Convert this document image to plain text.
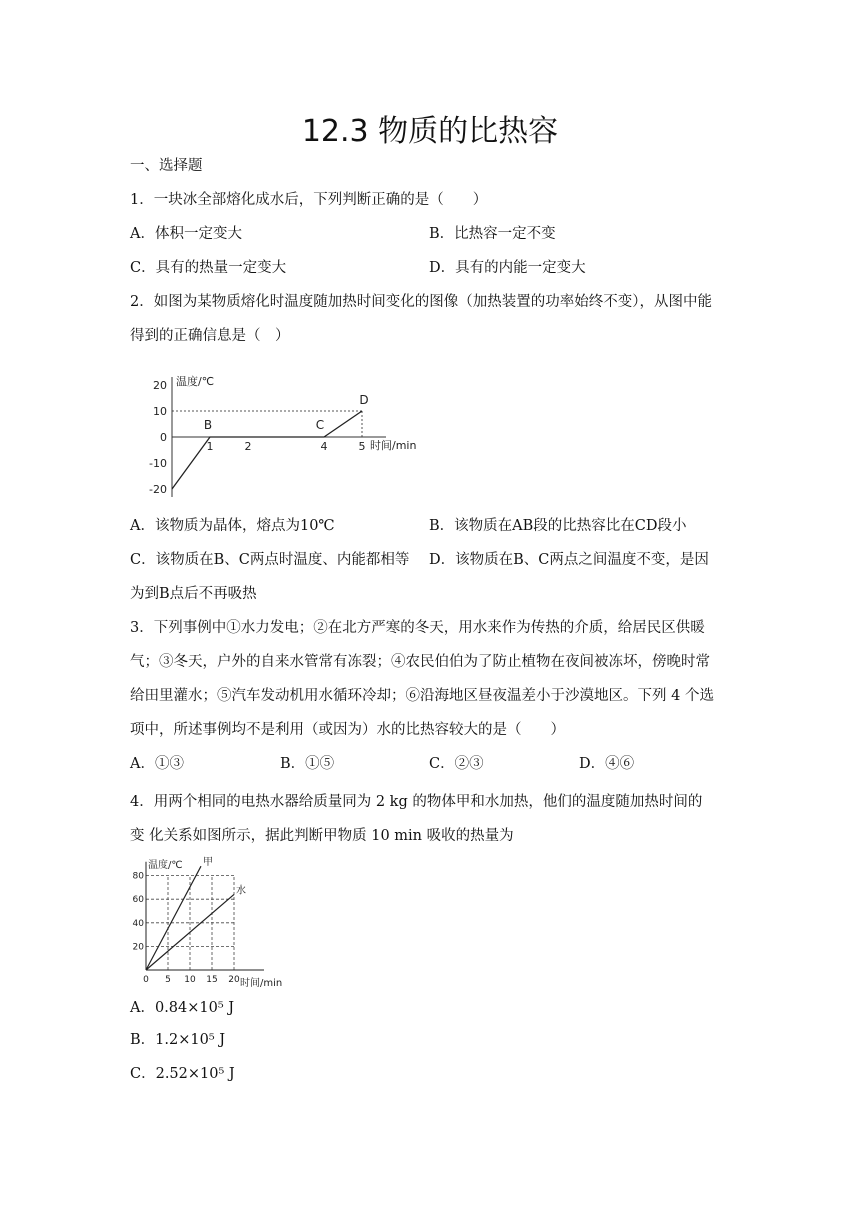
12.3 物质的比热容
一、选择题
1．一块冰全部熔化成水后，下列判断正确的是（　　）
A．体积一定变大	B．比热容一定不变
C．具有的热量一定变大	D．具有的内能一定变大
2．如图为某物质熔化时温度随加热时间变化的图像（加热装置的功率始终不变），从图中能
得到的正确信息是（　）
20
10
0
-10
-20
1	2	4	5
B	C
D
温度/℃
时间/min
A．该物质为晶体，熔点为10℃	B．该物质在AB段的比热容比在CD段小
C．该物质在B、C两点时温度、内能都相等 D．该物质在B、C两点之间温度不变，是因
为到B点后不再吸热
3．下列事例中①水力发电；②在北方严寒的冬天，用水来作为传热的介质，给居民区供暖
气；③冬天，户外的自来水管常有冻裂；④农民伯伯为了防止植物在夜间被冻坏，傍晚时常
给田里灌水；⑤汽车发动机用水循环冷却；⑥沿海地区昼夜温差小于沙漠地区。下列 4 个选
项中，所述事例均不是利用（或因为）水的比热容较大的是（　　）
A．①③	B．①⑤	C．②③	D．④⑥
4．用两个相同的电热水器给质量同为 2 kg 的物体甲和水加热，他们的温度随加热时间的
变 化关系如图所示，据此判断甲物质 10 min 吸收的热量为
80
60
40
20
0 5 10 15 20
甲
水
温度/℃
时间/min
A．0.84×10⁵ J
B．1.2×10⁵ J
C．2.52×10⁵ J
